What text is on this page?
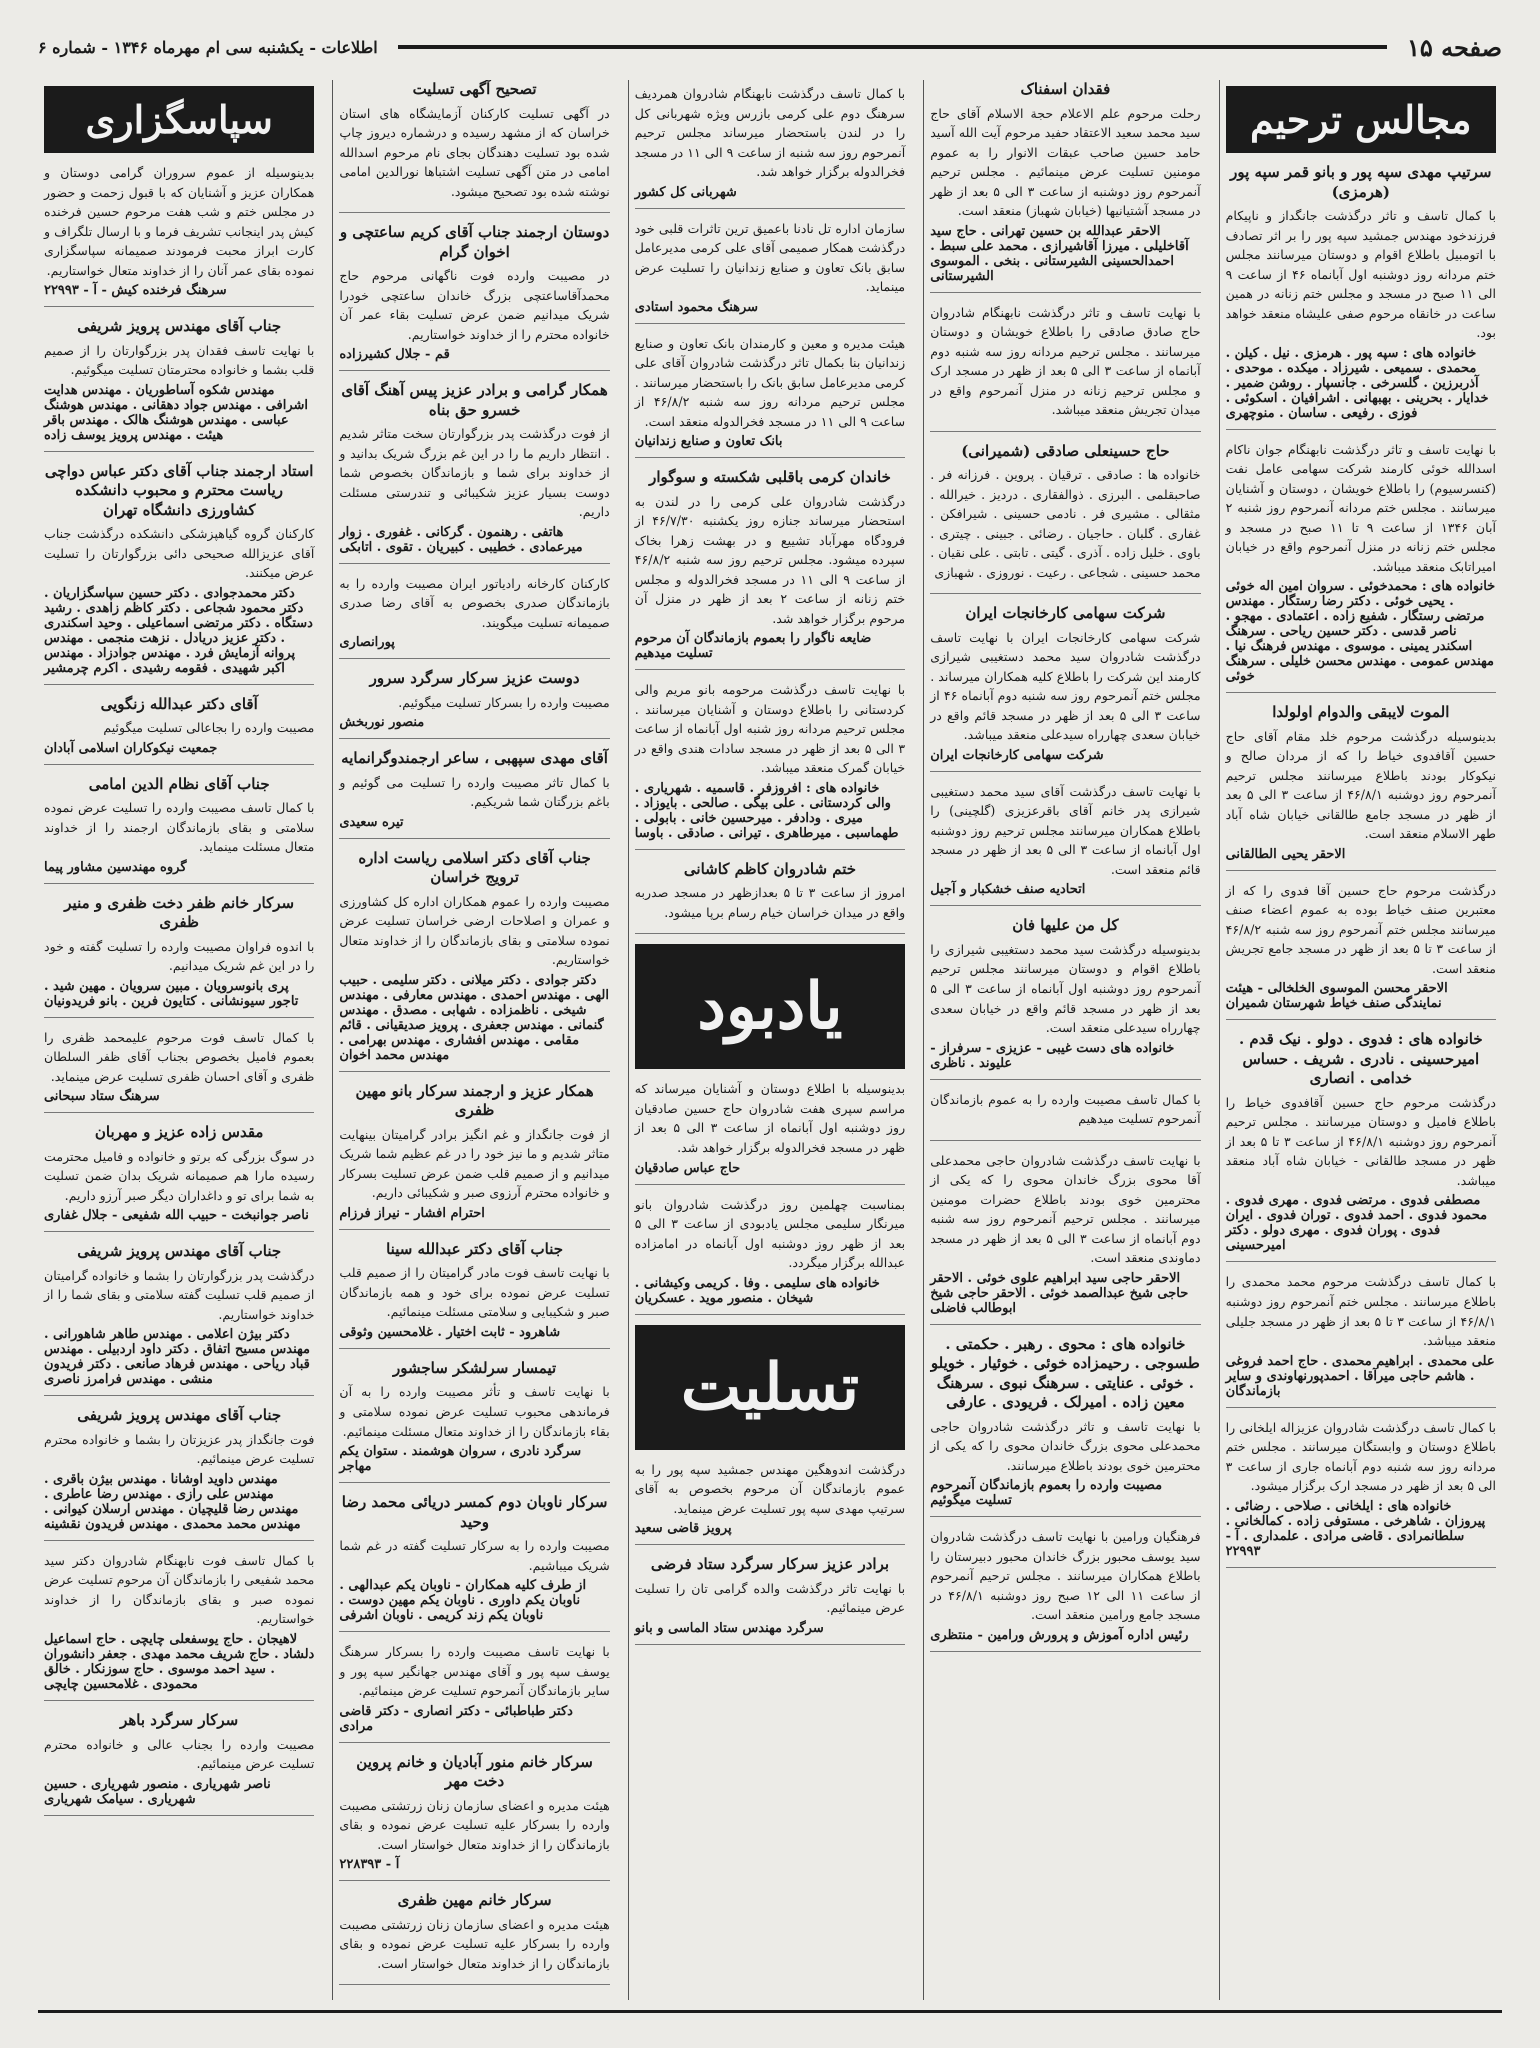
صفحه ۱۵
اطلاعات - یکشنبه سی ام مهرماه ۱۳۴۶ - شماره ۶
مجالس ترحیم
سرتیپ مهدی سپه پور و بانو قمر سپه پور (هرمزی)
با کمال تاسف و تاثر درگذشت جانگداز و ناپیکام فرزندخود مهندس جمشید سپه پور را بر اثر تصادف با اتومبیل باطلاع اقوام و دوستان میرسانند مجلس ختم مردانه روز دوشنبه اول آبانماه ۴۶ از ساعت ۹ الی ۱۱ صبح در مسجد و مجلس ختم زنانه در همین ساعت در خانقاه مرحوم صفی علیشاه منعقد خواهد بود.
خانواده های : سپه پور . هرمزی . نیل . کیلن . محمدی . سمیعی . شیرزاد . میکده . موحدی . آذربرزین . گلسرخی . جانسپار . روشن ضمیر . خدایار . بحرینی . بهبهانی . اشرافیان . اسکوئی . فوزی . رفیعی . ساسان . منوچهری
با نهایت تاسف و تاثر درگذشت نابهنگام جوان ناکام اسدالله خوئی کارمند شرکت سهامی عامل نفت (کنسرسیوم) را باطلاع خویشان ، دوستان و آشنایان میرسانند . مجلس ختم مردانه آنمرحوم روز شنبه ۲ آبان ۱۳۴۶ از ساعت ۹ تا ۱۱ صبح در مسجد و مجلس ختم زنانه در منزل آنمرحوم واقع در خیابان امیراتابک منعقد میباشد.
خانواده های : محمدخوئی . سروان امین اله خوئی . یحیی خوئی . دکتر رضا رستگار . مهندس مرتضی رستگار . شفیع زاده . اعتمادی . مهجو . ناصر قدسی . دکتر حسین ریاحی . سرهنگ اسکندر یمینی . موسوی . مهندس فرهنگ نیا . مهندس عمومی . مهندس محسن خلیلی . سرهنگ خوئی
الموت لایبقی والدوام اولولدا
بدینوسیله درگذشت مرحوم خلد مقام آقای حاج حسین آقافدوی خیاط را که از مردان صالح و نیکوکار بودند باطلاع میرسانند مجلس ترحیم آنمرحوم روز دوشنبه ۴۶/۸/۱ از ساعت ۳ الی ۵ بعد از ظهر در مسجد جامع طالقانی خیابان شاه آباد طهر الاسلام منعقد است.
الاحقر یحیی الطالقانی
درگذشت مرحوم حاج حسین آقا فدوی را که از معتبرین صنف خیاط بوده به عموم اعضاء صنف میرسانند مجلس ختم آنمرحوم روز سه شنبه ۴۶/۸/۲ از ساعت ۳ تا ۵ بعد از ظهر در مسجد جامع تجریش منعقد است.
الاحقر محسن الموسوی الخلخالی - هیئت نمایندگی صنف خیاط شهرستان شمیران
خانواده های : فدوی . دولو . نیک قدم . امیرحسینی . نادری . شریف . حساس خدامی . انصاری
درگذشت مرحوم حاج حسین آقافدوی خیاط را باطلاع فامیل و دوستان میرسانند . مجلس ترحیم آنمرحوم روز دوشنبه ۴۶/۸/۱ از ساعت ۳ تا ۵ بعد از ظهر در مسجد طالقانی - خیابان شاه آباد منعقد میباشد.
مصطفی فدوی . مرتضی فدوی . مهری فدوی . محمود فدوی . احمد فدوی . توران فدوی . ایران فدوی . پوران فدوی . مهری دولو . دکتر امیرحسینی
با کمال تاسف درگذشت مرحوم محمد محمدی را باطلاع میرسانند . مجلس ختم آنمرحوم روز دوشنبه ۴۶/۸/۱ از ساعت ۳ تا ۵ بعد از ظهر در مسجد جلیلی منعقد میباشد.
علی محمدی . ابراهیم محمدی . حاج احمد فروغی . هاشم حاجی میرآقا . احمدپورنهاوندی و سایر بازماندگان
با کمال تاسف درگذشت شادروان عزیزاله ایلخانی را باطلاع دوستان و وابستگان میرسانند . مجلس ختم مردانه روز سه شنبه دوم آبانماه جاری از ساعت ۳ الی ۵ بعد از ظهر در مسجد ارک برگزار میشود.
خانواده های : ایلخانی . صلاحی . رضائی . پیروزان . شاهرخی . مستوفی زاده . کمالخانی . سلطانمرادی . قاضی مرادی . علمداری . آ - ۲۲۹۹۳
فقدان اسفناک
رحلت مرحوم علم الاعلام حجة الاسلام آقای حاج سید محمد سعید الاعتقاد حفید مرحوم آیت الله آسید حامد حسین صاحب عبقات الانوار را به عموم مومنین تسلیت عرض مینمائیم . مجلس ترحیم آنمرحوم روز دوشنبه از ساعت ۳ الی ۵ بعد از ظهر در مسجد آشتیانیها (خیابان شهباز) منعقد است.
الاحقر عبدالله بن حسین تهرانی . حاج سید آقاخلیلی . میرزا آقاشیرازی . محمد علی سبط . احمدالحسینی الشیرستانی . بنخی . الموسوی الشیرستانی
با نهایت تاسف و تاثر درگذشت نابهنگام شادروان حاج صادق صادقی را باطلاع خویشان و دوستان میرسانند . مجلس ترحیم مردانه روز سه شنبه دوم آبانماه از ساعت ۳ الی ۵ بعد از ظهر در مسجد ارک و مجلس ترحیم زنانه در منزل آنمرحوم واقع در میدان تجریش منعقد میباشد.
حاج حسینعلی صادقی (شمیرانی)
خانواده ها : صادقی . ترقیان . پروین . فرزانه فر . صاحبقلمی . البرزی . ذوالفقاری . دردیز . خیرالله . مثقالی . مشیری فر . نادمی حسینی . شیرافکن . غفاری . گلبان . حاجیان . رضائی . جبینی . چیتری . باوی . خلیل زاده . آذری . گیتی . تابتی . علی نقیان . محمد حسینی . شجاعی . رعیت . نوروزی . شهبازی
شرکت سهامی کارخانجات ایران
شرکت سهامی کارخانجات ایران با نهایت تاسف درگذشت شادروان سید محمد دستغیبی شیرازی کارمند این شرکت را باطلاع کلیه همکاران میرساند . مجلس ختم آنمرحوم روز سه شنبه دوم آبانماه ۴۶ از ساعت ۳ الی ۵ بعد از ظهر در مسجد قائم واقع در خیابان سعدی چهارراه سیدعلی منعقد میباشد.
شرکت سهامی کارخانجات ایران
با نهایت تاسف درگذشت آقای سید محمد دستغیبی شیرازی پدر خانم آقای باقرعزیزی (گلچینی) را باطلاع همکاران میرسانند مجلس ترحیم روز دوشنبه اول آبانماه از ساعت ۳ الی ۵ بعد از ظهر در مسجد قائم منعقد است.
اتحادیه صنف خشکبار و آجیل
کل من علیها فان
بدینوسیله درگذشت سید محمد دستغیبی شیرازی را باطلاع اقوام و دوستان میرسانند مجلس ترحیم آنمرحوم روز دوشنبه اول آبانماه از ساعت ۳ الی ۵ بعد از ظهر در مسجد قائم واقع در خیابان سعدی چهارراه سیدعلی منعقد است.
خانواده های دست غیبی - عزیزی - سرفراز - علیوند . ناظری
با کمال تاسف مصیبت وارده را به عموم بازماندگان آنمرحوم تسلیت میدهیم
با نهایت تاسف درگذشت شادروان حاجی محمدعلی آقا محوی بزرگ خاندان محوی را که یکی از محترمین خوی بودند باطلاع حضرات مومنین میرسانند . مجلس ترحیم آنمرحوم روز سه شنبه دوم آبانماه از ساعت ۳ الی ۵ بعد از ظهر در مسجد دماوندی منعقد است.
الاحقر حاجی سید ابراهیم علوی خوئی . الاحقر حاجی شیخ عبدالصمد خوئی . الاحقر حاجی شیخ ابوطالب فاضلی
خانواده های : محوی . رهبر . حکمتی . طسوجی . رحیمزاده خوئی . خوئیار . خویلو . خوئی . عنایتی . سرهنگ نبوی . سرهنگ معین زاده . امیرلک . فریودی . عارفی
با نهایت تاسف و تاثر درگذشت شادروان حاجی محمدعلی محوی بزرگ خاندان محوی را که یکی از محترمین خوی بودند باطلاع میرسانند.
مصیبت وارده را بعموم بازماندگان آنمرحوم تسلیت میگوئیم
فرهنگیان ورامین با نهایت تاسف درگذشت شادروان سید یوسف محبور بزرگ خاندان محبور دبیرستان را باطلاع همکاران میرسانند . مجلس ترحیم آنمرحوم از ساعت ۱۱ الی ۱۲ صبح روز دوشنبه ۴۶/۸/۱ در مسجد جامع ورامین منعقد است.
رئیس اداره آموزش و پرورش ورامین - منتظری
با کمال تاسف درگذشت نابهنگام شادروان همردیف سرهنگ دوم علی کرمی بازرس ویژه شهربانی کل را در لندن باستحضار میرساند مجلس ترحیم آنمرحوم روز سه شنبه از ساعت ۹ الی ۱۱ در مسجد فخرالدوله برگزار خواهد شد.
شهربانی کل کشور
سازمان اداره تل نادنا باعمیق ترین تاثرات قلبی خود درگذشت همکار صمیمی آقای علی کرمی مدیرعامل سابق بانک تعاون و صنایع زندانیان را تسلیت عرض مینماید.
سرهنگ محمود استادی
هیئت مدیره و معین و کارمندان بانک تعاون و صنایع زندانیان بنا بکمال تاثر درگذشت شادروان آقای علی کرمی مدیرعامل سابق بانک را باستحضار میرسانند . مجلس ترحیم مردانه روز سه شنبه ۴۶/۸/۲ از ساعت ۹ الی ۱۱ در مسجد فخرالدوله منعقد است.
بانک تعاون و صنایع زندانیان
خاندان کرمی باقلبی شکسته و سوگوار
درگذشت شادروان علی کرمی را در لندن به استحضار میرساند جنازه روز یکشنبه ۴۶/۷/۳۰ از فرودگاه مهرآباد تشییع و در بهشت زهرا بخاک سپرده میشود. مجلس ترحیم روز سه شنبه ۴۶/۸/۲ از ساعت ۹ الی ۱۱ در مسجد فخرالدوله و مجلس ختم زنانه از ساعت ۲ بعد از ظهر در منزل آن مرحوم برگزار خواهد شد.
ضایعه ناگوار را بعموم بازماندگان آن مرحوم تسلیت میدهیم
با نهایت تاسف درگذشت مرحومه بانو مریم والی کردستانی را باطلاع دوستان و آشنایان میرسانند . مجلس ترحیم مردانه روز شنبه اول آبانماه از ساعت ۳ الی ۵ بعد از ظهر در مسجد سادات هندی واقع در خیابان گمرک منعقد میباشد.
خانواده های : افروزفر . قاسمیه . شهریاری . والی کردستانی . علی بیگی . صالحی . بایوزاد . میری . ودادفر . میرحسین خانی . بابولی . طهماسبی . میرطاهری . تیرانی . صادقی . باوسا
ختم شادروان کاظم کاشانی
امروز از ساعت ۳ تا ۵ بعدازظهر در مسجد صدربه واقع در میدان خراسان خیام رسام برپا میشود.
یادبود
بدینوسیله با اطلاع دوستان و آشنایان میرساند که مراسم سپری هفت شادروان حاج حسین صادقیان روز دوشنبه اول آبانماه از ساعت ۳ الی ۵ بعد از ظهر در مسجد فخرالدوله برگزار خواهد شد.
حاج عباس صادقیان
بمناسبت چهلمین روز درگذشت شادروان بانو میرنگار سلیمی مجلس یادبودی از ساعت ۳ الی ۵ بعد از ظهر روز دوشنبه اول آبانماه در امامزاده عبدالله برگزار میگردد.
خانواده های سلیمی . وفا . کریمی وکیشانی . شیخان . منصور موید . عسکریان
تسلیت
درگذشت اندوهگین مهندس جمشید سپه پور را به عموم بازماندگان آن مرحوم بخصوص به آقای سرتیپ مهدی سپه پور تسلیت عرض مینماید.
پرویز قاضی سعید
برادر عزیز سرکار سرگرد ستاد فرضی
با نهایت تاثر درگذشت والده گرامی تان را تسلیت عرض مینمائیم.
سرگرد مهندس ستاد الماسی و بانو
تصحیح آگهی تسلیت
در آگهی تسلیت کارکنان آزمایشگاه های استان خراسان که از مشهد رسیده و درشماره دیروز چاپ شده بود تسلیت دهندگان بجای نام مرحوم اسدالله امامی در متن آگهی تسلیت اشتباها نورالدین امامی نوشته شده بود تصحیح میشود.
دوستان ارجمند جناب آقای کریم ساعتچی و اخوان گرام
در مصیبت وارده فوت ناگهانی مرحوم حاج محمدآقاساعتچی بزرگ خاندان ساعتچی خودرا شریک میدانیم ضمن عرض تسلیت بقاء عمر آن خانواده محترم را از خداوند خواستاریم.
قم - جلال کشیرزاده
همکار گرامی و برادر عزیز پیس آهنگ آقای خسرو حق بناه
از فوت درگذشت پدر بزرگوارتان سخت متاثر شدیم . انتظار داریم ما را در این غم بزرگ شریک بدانید و از خداوند برای شما و بازماندگان بخصوص شما دوست بسیار عزیز شکیبائی و تندرستی مسئلت داریم.
هاتفی . رهنمون . گرکانی . غفوری . زوار میرعمادی . خطیبی . کبیریان . تقوی . اتابکی
کارکنان کارخانه رادیاتور ایران مصیبت وارده را به بازماندگان صدری بخصوص به آقای رضا صدری صمیمانه تسلیت میگویند.
پورانصاری
دوست عزیز سرکار سرگرد سرور
مصیبت وارده را بسرکار تسلیت میگوئیم.
منصور نوربخش
آقای مهدی سپهبی ، ساعر ارجمندوگرانمایه
با کمال تاثر مصیبت وارده را تسلیت می گوئیم و باغم بزرگتان شما شریکیم.
تیره سعیدی
جناب آقای دکتر اسلامی ریاست اداره ترویج خراسان
مصیبت وارده را عموم همکاران اداره کل کشاورزی و عمران و اصلاحات ارضی خراسان تسلیت عرض نموده سلامتی و بقای بازماندگان را از خداوند متعال خواستاریم.
دکتر جوادی . دکتر میلانی . دکتر سلیمی . حبیب الهی . مهندس احمدی . مهندس معارفی . مهندس شیخی . ناظمزاده . شهابی . مصدق . مهندس گنمانی . مهندس جعفری . پرویز صدیقیانی . قائم مقامی . مهندس افشاری . مهندس بهرامی . مهندس محمد اخوان
همکار عزیز و ارجمند سرکار بانو مهین ظفری
از فوت جانگداز و غم انگیز برادر گرامیتان بینهایت متاثر شدیم و ما نیز خود را در غم عظیم شما شریک میدانیم و از صمیم قلب ضمن عرض تسلیت بسرکار و خانواده محترم آرزوی صبر و شکیبائی داریم.
احترام افشار - نیراز فرزام
جناب آقای دکتر عبدالله سینا
با نهایت تاسف فوت مادر گرامیتان را از صمیم قلب تسلیت عرض نموده برای خود و همه بازماندگان صبر و شکیبایی و سلامتی مسئلت مینمائیم.
شاهرود - ثابت اختیار . غلامحسین وثوقی
تیمسار سرلشکر ساجشور
با نهایت تاسف و تأثر مصیبت وارده را به آن فرماندهی محبوب تسلیت عرض نموده سلامتی و بقاء بازماندگان را از خداوند متعال مسئلت مینمائیم.
سرگرد نادری ، سروان هوشمند . ستوان یکم مهاجر
سرکار ناوبان دوم کمسر دریائی محمد رضا وحید
مصیبت وارده را به سرکار تسلیت گفته در غم شما شریک میباشیم.
از طرف کلیه همکاران - ناوبان یکم عبدالهی . ناوبان یکم داوری . ناوبان یکم مهین دوست . ناوبان یکم زند کریمی . ناوبان اشرفی
با نهایت تاسف مصیبت وارده را بسرکار سرهنگ یوسف سپه پور و آقای مهندس جهانگیر سپه پور و سایر بازماندگان آنمرحوم تسلیت عرض مینمائیم.
دکتر طباطبائی - دکتر انصاری - دکتر قاضی مرادی
سرکار خانم منور آبادیان و خانم پروین دخت مهر
هیئت مدیره و اعضای سازمان زنان زرتشتی مصیبت وارده را بسرکار علیه تسلیت عرض نموده و بقای بازماندگان را از خداوند متعال خواستار است.
آ - ۲۲۸۳۹۳
سرکار خانم مهین ظفری
هیئت مدیره و اعضای سازمان زنان زرتشتی مصیبت وارده را بسرکار علیه تسلیت عرض نموده و بقای بازماندگان را از خداوند متعال خواستار است.
سپاسگزاری
بدینوسیله از عموم سروران گرامی دوستان و همکاران عزیز و آشنایان که با قبول زحمت و حضور در مجلس ختم و شب هفت مرحوم حسین فرخنده کیش پدر اینجانب تشریف فرما و با ارسال تلگراف و کارت ابراز محبت فرمودند صمیمانه سپاسگزاری نموده بقای عمر آنان را از خداوند متعال خواستاریم.
سرهنگ فرخنده کیش - آ - ۲۲۹۹۳
جناب آقای مهندس پرویز شریفی
با نهایت تاسف فقدان پدر بزرگوارتان را از صمیم قلب بشما و خانواده محترمتان تسلیت میگوئیم.
مهندس شکوه آساطوریان . مهندس هدایت اشرافی . مهندس جواد دهقانی . مهندس هوشنگ عباسی . مهندس هوشنگ هالک . مهندس باقر هیئت . مهندس پرویز یوسف زاده
استاد ارجمند جناب آقای دکتر عباس دواچی ریاست محترم و محبوب دانشکده کشاورزی دانشگاه تهران
کارکنان گروه گیاهپزشکی دانشکده درگذشت جناب آقای عزیزالله صحیحی دائی بزرگوارتان را تسلیت عرض میکنند.
دکتر محمدجوادی . دکتر حسین سپاسگزاریان . دکتر محمود شجاعی . دکتر کاظم زاهدی . رشید دستگاه . دکتر مرتضی اسماعیلی . وحید اسکندری . دکتر عزیز دریادل . نزهت منجمی . مهندس پروانه آزمایش فرد . مهندس جوادزاد . مهندس اکبر شهیدی . فقومه رشیدی . اکرم چرمشیر
آقای دکتر عبدالله زنگویی
مصیبت وارده را بجاعالی تسلیت میگوئیم
جمعیت نیکوکاران اسلامی آبادان
جناب آقای نظام الدین امامی
با کمال تاسف مصیبت وارده را تسلیت عرض نموده سلامتی و بقای بازماندگان ارجمند را از خداوند متعال مسئلت مینماید.
گروه مهندسین مشاور پیما
سرکار خانم ظفر دخت ظفری و منیر ظفری
با اندوه فراوان مصیبت وارده را تسلیت گفته و خود را در این غم شریک میدانیم.
پری بانوسرویان . مبین سرویان . مهین شید . تاجور سیونشانی . کتایون فرین . بانو فریدونیان
با کمال تاسف فوت مرحوم علیمحمد ظفری را بعموم فامیل بخصوص بجناب آقای ظفر السلطان ظفری و آقای احسان ظفری تسلیت عرض مینماید.
سرهنگ ستاد سبحانی
مقدس زاده عزیز و مهربان
در سوگ بزرگی که برتو و خانواده و فامیل محترمت رسیده مارا هم صمیمانه شریک بدان ضمن تسلیت به شما برای تو و داغداران دیگر صبر آرزو داریم.
ناصر جوانبخت - حبیب الله شفیعی - جلال غفاری
جناب آقای مهندس پرویز شریفی
درگذشت پدر بزرگوارتان را بشما و خانواده گرامیتان از صمیم قلب تسلیت گفته سلامتی و بقای شما را از خداوند خواستاریم.
دکتر بیژن اعلامی . مهندس طاهر شاهورانی . مهندس مسیح اتفاق . دکتر داود اردبیلی . مهندس قباد ریاحی . مهندس فرهاد صانعی . دکتر فریدون منشی . مهندس فرامرز ناصری
جناب آقای مهندس پرویز شریفی
فوت جانگداز پدر عزیزتان را بشما و خانواده محترم تسلیت عرض مینمائیم.
مهندس داوید اوشانا . مهندس بیژن باقری . مهندس علی رازی . مهندس رضا عاطری . مهندس رضا قلیچیان . مهندس ارسلان کیوانی . مهندس محمد محمدی . مهندس فریدون نقشینه
با کمال تاسف فوت نابهنگام شادروان دکتر سید محمد شفیعی را بازماندگان آن مرحوم تسلیت عرض نموده صبر و بقای بازماندگان را از خداوند خواستاریم.
لاهیجان . حاج یوسفعلی چایچی . حاج اسماعیل دلشاد . حاج شریف محمد مهدی . جعفر دانشوران . سید احمد موسوی . حاج سوزنکار . خالق محمودی . غلامحسین چایچی
سرکار سرگرد باهر
مصیبت وارده را بجناب عالی و خانواده محترم تسلیت عرض مینمائیم.
ناصر شهریاری . منصور شهریاری . حسین شهریاری . سیامک شهریاری
